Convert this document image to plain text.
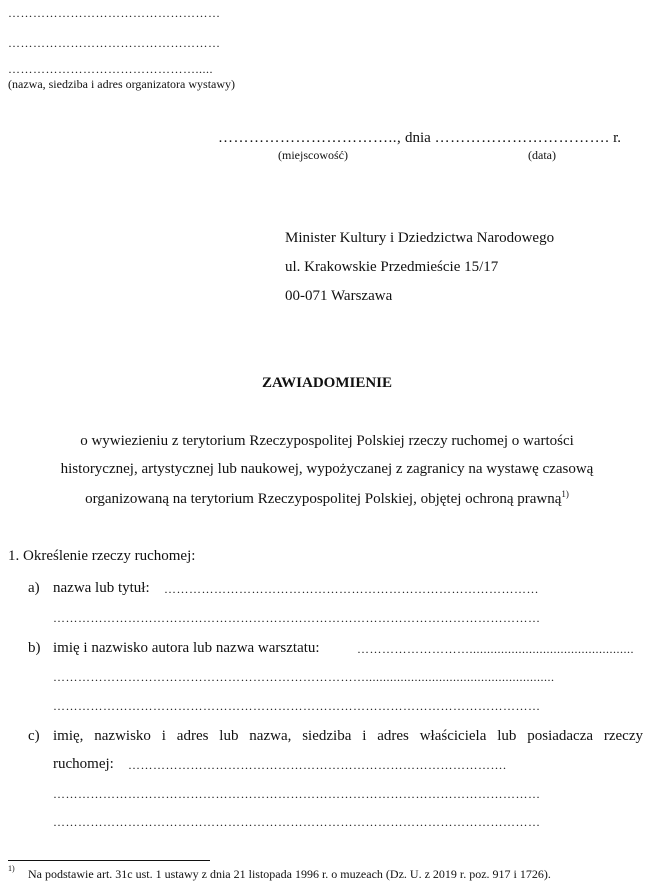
……………………………………………
……………………………………………
……………………………………….....
(nazwa, siedziba i adres organizatora wystawy)
…………………………….., dnia ……………………………. r.
(miejscowość)	(data)
Minister Kultury i Dziedzictwa Narodowego
ul. Krakowskie Przedmieście 15/17
00-071 Warszawa
ZAWIADOMIENIE
o wywiezieniu z terytorium Rzeczypospolitej Polskiej rzeczy ruchomej o wartości
historycznej, artystycznej lub naukowej, wypożyczanej z zagranicy na wystawę czasową
organizowaną na terytorium Rzeczypospolitej Polskiej, objętej ochroną prawną$^{1)}$
1. Określenie rzeczy ruchomej:
a) nazwa lub tytuł: ………………………………………………………………………………
………………………………………………………………………………………………………
b) imię i nazwisko autora lub nazwa warsztatu:	………………………...............................................
…………………………………………………………………......................................................
………………………………………………………………………………………………………
c) imię, nazwisko i adres lub nazwa, siedziba i adres właściciela lub posiadacza rzeczy
ruchomej: ……………………………………………………………………………….
………………………………………………………………………………………………………
………………………………………………………………………………………………………
1) Na podstawie art. 31c ust. 1 ustawy z dnia 21 listopada 1996 r. o muzeach (Dz. U. z 2019 r. poz. 917 i 1726).
